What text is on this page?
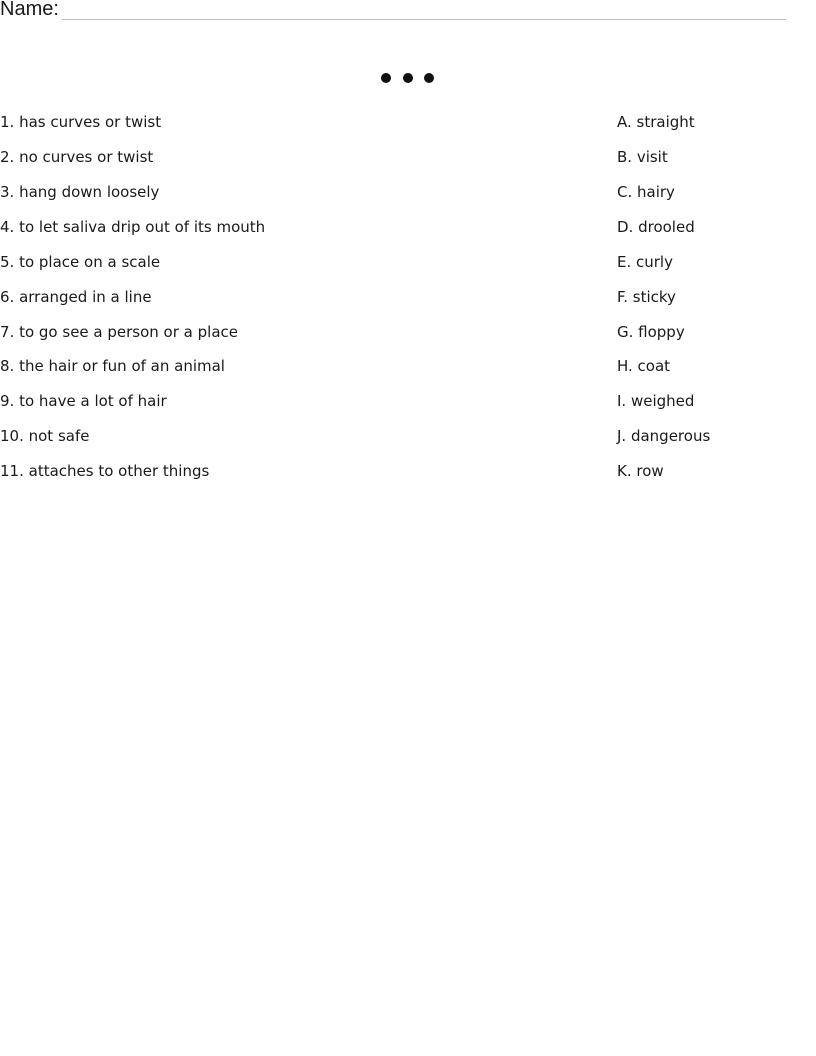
Name:
1. has curves or twist	A. straight
2. no curves or twist	B. visit
3. hang down loosely	C. hairy
4. to let saliva drip out of its mouth	D. drooled
5. to place on a scale	E. curly
6. arranged in a line	F. sticky
7. to go see a person or a place	G. floppy
8. the hair or fun of an animal	H. coat
9. to have a lot of hair	I. weighed
10. not safe	J. dangerous
11. attaches to other things	K. row
